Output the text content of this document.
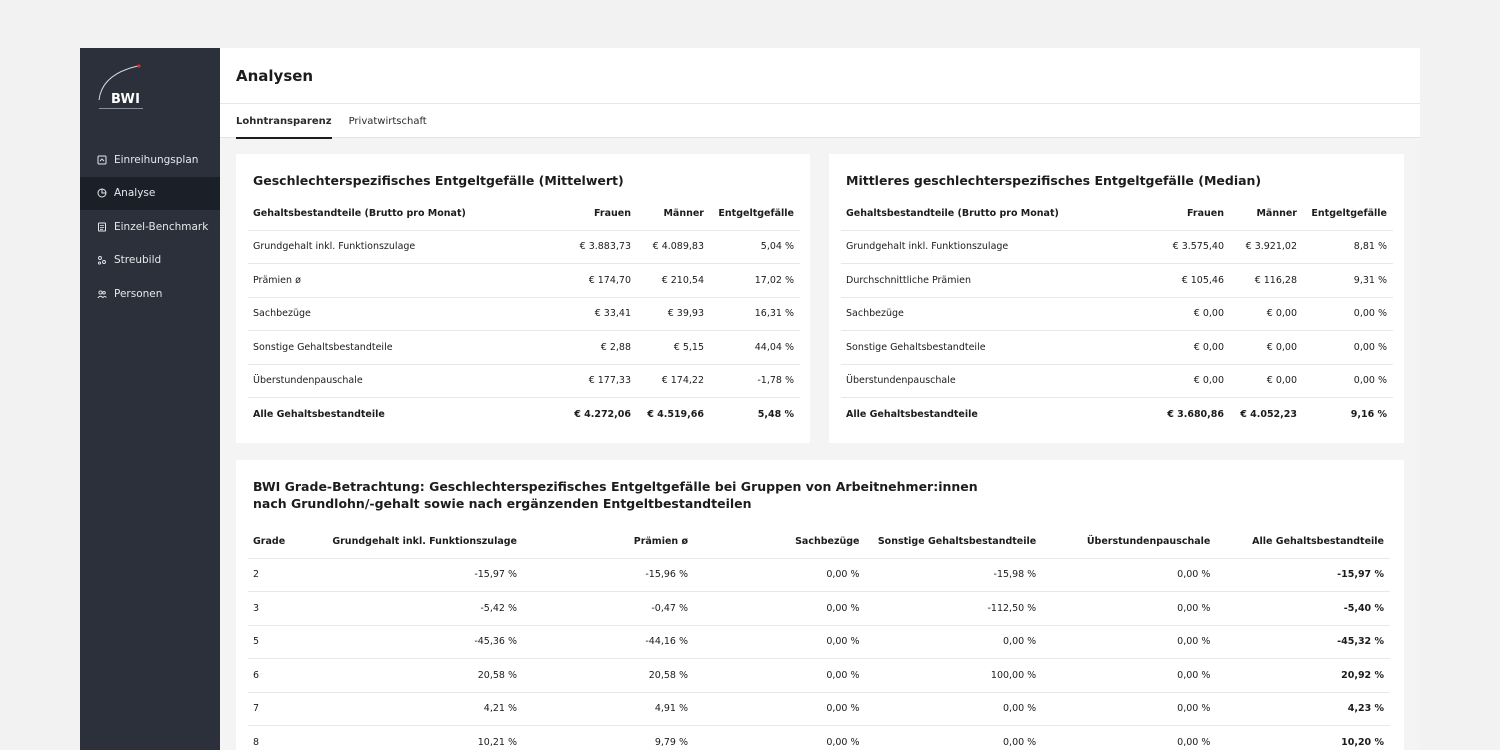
BWI
Einreihungsplan
Analyse
Einzel-Benchmark
Streubild
Personen
Analysen
Lohntransparenz Privatwirtschaft
Geschlechterspezifisches Entgeltgefälle (Mittelwert)
Gehaltsbestandteile (Brutto pro Monat)	Frauen	Männer	Entgeltgefälle
Grundgehalt inkl. Funktionszulage	€ 3.883,73	€ 4.089,83	5,04 %
Prämien ø	€ 174,70	€ 210,54	17,02 %
Sachbezüge	€ 33,41	€ 39,93	16,31 %
Sonstige Gehaltsbestandteile	€ 2,88	€ 5,15	44,04 %
Überstundenpauschale	€ 177,33	€ 174,22	-1,78 %
Alle Gehaltsbestandteile	€ 4.272,06	€ 4.519,66	5,48 %
Mittleres geschlechterspezifisches Entgeltgefälle (Median)
Gehaltsbestandteile (Brutto pro Monat)	Frauen	Männer	Entgeltgefälle
Grundgehalt inkl. Funktionszulage	€ 3.575,40	€ 3.921,02	8,81 %
Durchschnittliche Prämien	€ 105,46	€ 116,28	9,31 %
Sachbezüge	€ 0,00	€ 0,00	0,00 %
Sonstige Gehaltsbestandteile	€ 0,00	€ 0,00	0,00 %
Überstundenpauschale	€ 0,00	€ 0,00	0,00 %
Alle Gehaltsbestandteile	€ 3.680,86	€ 4.052,23	9,16 %
BWI Grade-Betrachtung: Geschlechterspezifisches Entgeltgefälle bei Gruppen von Arbeitnehmer:innen
nach Grundlohn/-gehalt sowie nach ergänzenden Entgeltbestandteilen
Grade	Grundgehalt inkl. Funktionszulage	Prämien ø	Sachbezüge	Sonstige Gehaltsbestandteile	Überstundenpauschale	Alle Gehaltsbestandteile
2	-15,97 %	-15,96 %	0,00 %	-15,98 %	0,00 %	-15,97 %
3	-5,42 %	-0,47 %	0,00 %	-112,50 %	0,00 %	-5,40 %
5	-45,36 %	-44,16 %	0,00 %	0,00 %	0,00 %	-45,32 %
6	20,58 %	20,58 %	0,00 %	100,00 %	0,00 %	20,92 %
7	4,21 %	4,91 %	0,00 %	0,00 %	0,00 %	4,23 %
8	10,21 %	9,79 %	0,00 %	0,00 %	0,00 %	10,20 %
